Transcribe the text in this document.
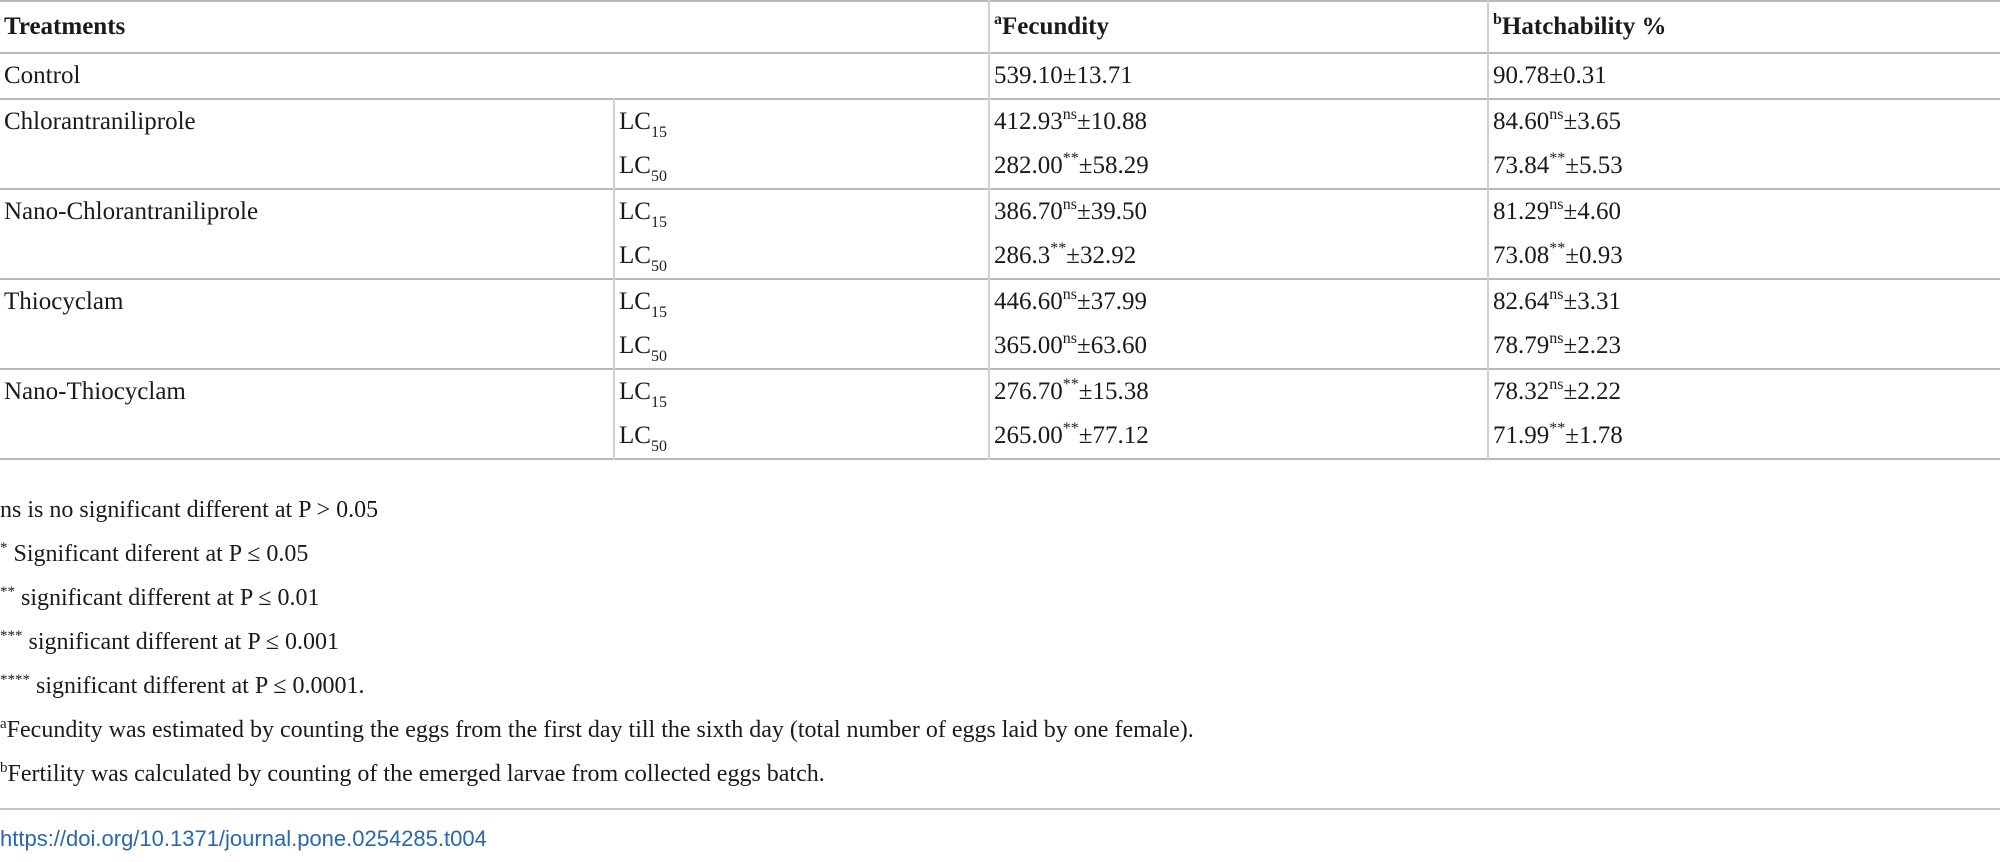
Treatments		$^a$Fecundity	$^b$Hatchability %
Control		539.10±13.71	90.78±0.31
Chlorantraniliprole	$LC_{15}$	$412.93^{ns}\pm 10.88$	$84.60^{ns}\pm 3.65$
	$LC_{50}$	282.00**±58.29	73.84**±5.53
Nano-Chlorantraniliprole	$LC_{15}$	$386.70^{ns}\pm 39.50$	$81.29^{ns}\pm 4.60$
	$LC_{50}$	286.3**±32.92	73.08**±0.93
Thiocyclam	$LC_{15}$	$446.60^{ns}\pm 37.99$	$82.64^{ns}\pm 3.31$
	$LC_{50}$	$365.00^{ns}\pm 63.60$	$78.79^{ns}\pm 2.23$
Nano-Thiocyclam	$LC_{15}$	276.70**±15.38	$78.32^{ns}\pm 2.22$
	$LC_{50}$	265.00**±77.12	71.99**±1.78

ns is no significant different at P > 0.05

* Significant diferent at P ≤ 0.05

** significant different at P ≤ 0.01

*** significant different at P ≤ 0.001

**** significant different at P ≤ 0.0001.

$^a$Fecundity was estimated by counting the eggs from the first day till the sixth day (total number of eggs laid by one female).

$^b$Fertility was calculated by counting of the emerged larvae from collected eggs batch.

https://doi.org/10.1371/journal.pone.0254285.t004
